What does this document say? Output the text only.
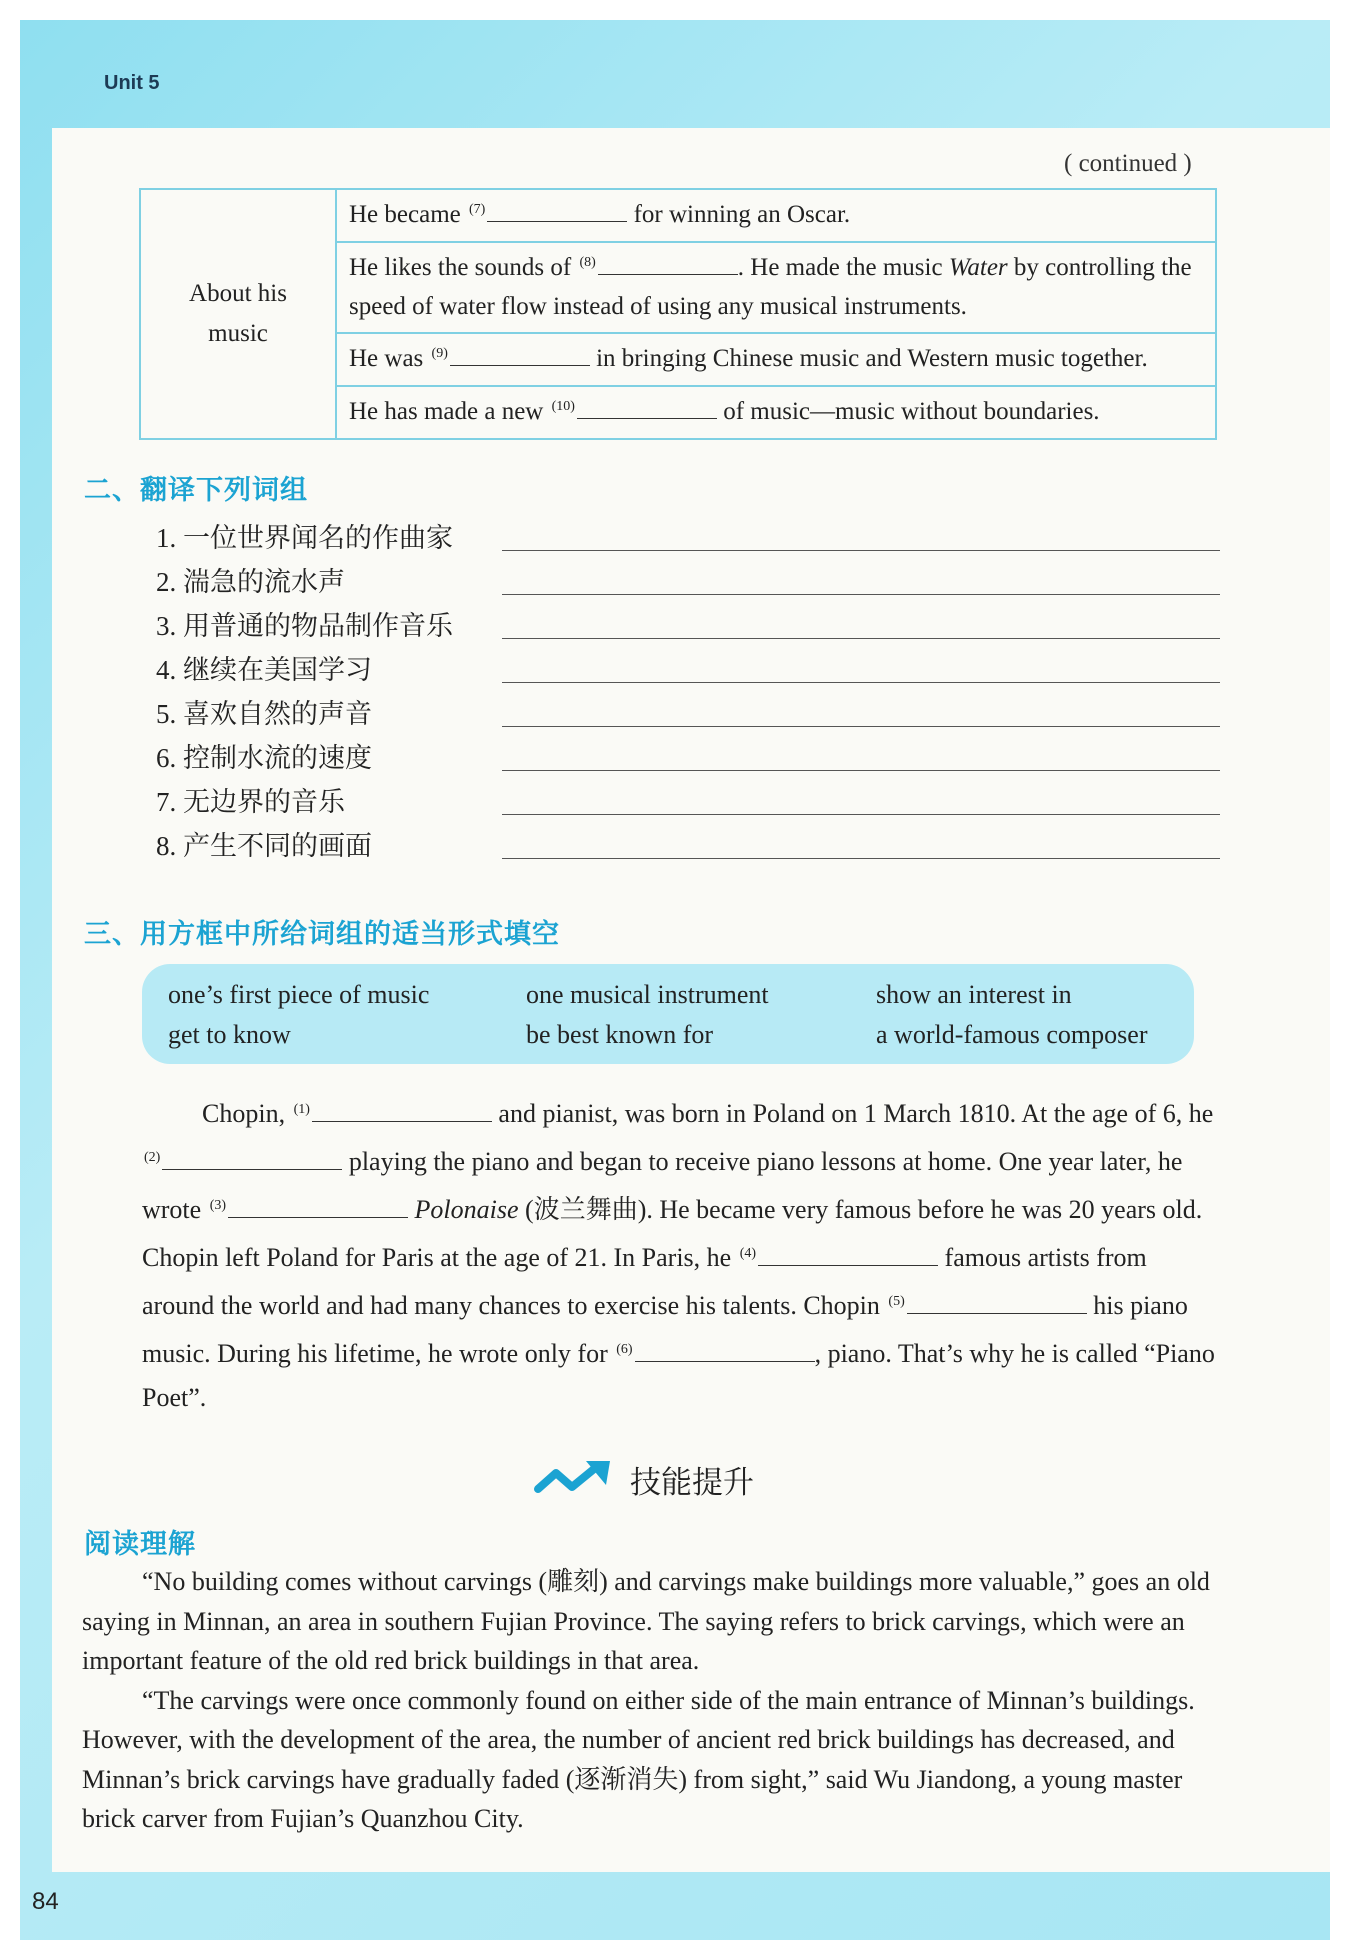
Unit 5
( continued )
About his
music	He became $^{(7)}$	for winning an Oscar.
He likes the sounds of $^{(8)}$	. He made the music Water by controlling the speed of water flow instead of using any musical instruments.
He was $^{(9)}$	in bringing Chinese music and Western music together.
He has made a new $^{(10)}$	of music—music without boundaries.
二、翻译下列词组
1. 一位世界闻名的作曲家
2. 湍急的流水声
3. 用普通的物品制作音乐
4. 继续在美国学习
5. 喜欢自然的声音
6. 控制水流的速度
7. 无边界的音乐
8. 产生不同的画面
三、用方框中所给词组的适当形式填空
one’s first piece of music	one musical instrument	show an interest in
get to know	be best known for	a world-famous composer

Chopin, $^{(1)}$	and pianist, was born in Poland on 1 March 1810. At the age of 6, he $^{(2)}$	playing the piano and began to receive piano lessons at home. One year later, he wrote $^{(3)}$	Polonaise (波兰舞曲). He became very famous before he was 20 years old. Chopin left Poland for Paris at the age of 21. In Paris, he $^{(4)}$	famous artists from around the world and had many chances to exercise his talents. Chopin $^{(5)}$	his piano music. During his lifetime, he wrote only for $^{(6)}$	, piano. That’s why he is called “Piano Poet”.

技能提升
阅读理解

“No building comes without carvings (雕刻) and carvings make buildings more valuable,” goes an old saying in Minnan, an area in southern Fujian Province. The saying refers to brick carvings, which were an important feature of the old red brick buildings in that area.

“The carvings were once commonly found on either side of the main entrance of Minnan’s buildings. However, with the development of the area, the number of ancient red brick buildings has decreased, and Minnan’s brick carvings have gradually faded (逐渐消失) from sight,” said Wu Jiandong, a young master brick carver from Fujian’s Quanzhou City.

84
